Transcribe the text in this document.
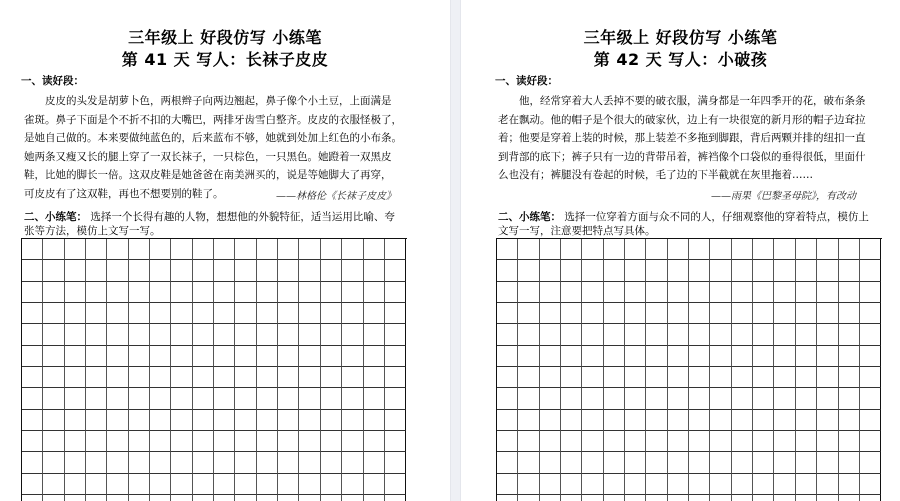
三年级上 好段仿写 小练笔
第 41 天 写人：长袜子皮皮
一、读好段：
　　皮皮的头发是胡萝卜色，两根辫子向两边翘起，鼻子像个小土豆，上面满是
雀斑。鼻子下面是个不折不扣的大嘴巴，两排牙齿雪白整齐。皮皮的衣服怪极了，
是她自己做的。本来要做纯蓝色的，后来蓝布不够，她就到处加上红色的小布条。
她两条又瘦又长的腿上穿了一双长袜子，一只棕色，一只黑色。她蹬着一双黑皮
鞋，比她的脚长一倍。这双皮鞋是她爸爸在南美洲买的，说是等她脚大了再穿，
可皮皮有了这双鞋，再也不想要别的鞋了。	——林格伦《长袜子皮皮》
二、小练笔： 选择一个长得有趣的人物，想想他的外貌特征，适当运用比喻、夸
张等方法，模仿上文写一写。
三年级上 好段仿写 小练笔
第 42 天 写人：小破孩
一、读好段：
　　他，经常穿着大人丢掉不要的破衣服，满身都是一年四季开的花，破布条条
老在飘动。他的帽子是个很大的破家伙，边上有一块很宽的新月形的帽子边耷拉
着；他要是穿着上装的时候，那上装差不多拖到脚跟，背后两颗并排的纽扣一直
到背部的底下；裤子只有一边的背带吊着，裤裆像个口袋似的垂得很低，里面什
么也没有；裤腿没有卷起的时候，毛了边的下半截就在灰里拖着……
——雨果《巴黎圣母院》，有改动
二、小练笔： 选择一位穿着方面与众不同的人，仔细观察他的穿着特点，模仿上
文写一写，注意要把特点写具体。
